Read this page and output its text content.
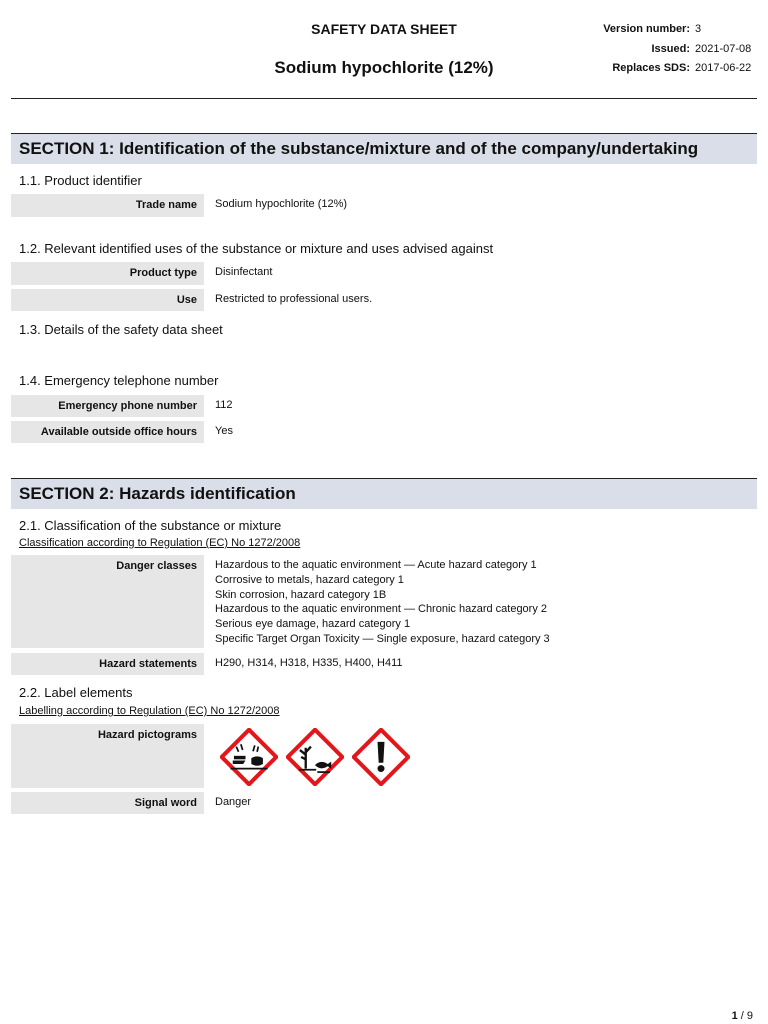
SAFETY DATA SHEET
Sodium hypochlorite (12%)
Version number: 3
Issued: 2021-07-08
Replaces SDS: 2017-06-22
SECTION 1: Identification of the substance/mixture and of the company/undertaking
1.1. Product identifier
Trade name	Sodium hypochlorite (12%)
1.2. Relevant identified uses of the substance or mixture and uses advised against
Product type	Disinfectant
Use	Restricted to professional users.
1.3. Details of the safety data sheet
1.4. Emergency telephone number
Emergency phone number	112
Available outside office hours	Yes
SECTION 2: Hazards identification
2.1. Classification of the substance or mixture
Classification according to Regulation (EC) No 1272/2008
Danger classes	Hazardous to the aquatic environment — Acute hazard category 1
Corrosive to metals, hazard category 1
Skin corrosion, hazard category 1B
Hazardous to the aquatic environment — Chronic hazard category 2
Serious eye damage, hazard category 1
Specific Target Organ Toxicity — Single exposure, hazard category 3
Hazard statements	H290, H314, H318, H335, H400, H411
2.2. Label elements
Labelling according to Regulation (EC) No 1272/2008
Hazard pictograms
Signal word	Danger
1 / 9
